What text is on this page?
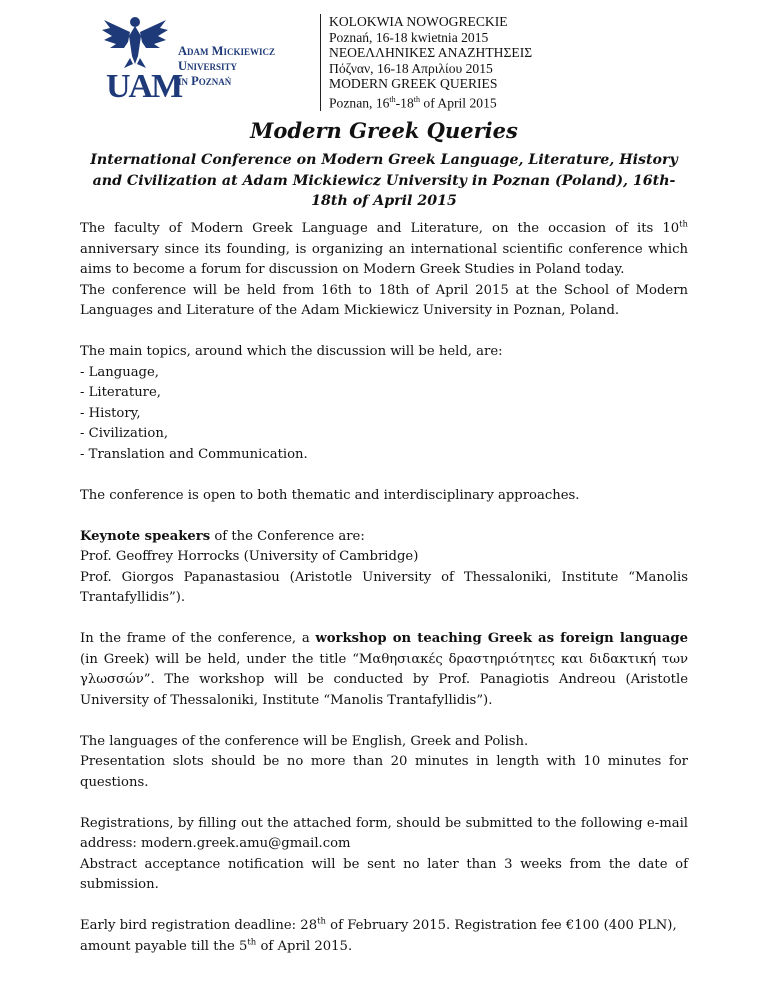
UAM
Adam Mickiewicz
University
in Poznań
KOLOKWIA NOWOGRECKIE
Poznań, 16-18 kwietnia 2015
ΝΕΟΕΛΛΗΝΙΚΕΣ ΑΝΑΖΗΤΗΣΕΙΣ
Πόζναν, 16-18 Απριλίου 2015
MODERN GREEK QUERIES
Poznan, 16th-18th of April 2015
Modern Greek Queries
International Conference on Modern Greek Language, Literature, History and Civilization at Adam Mickiewicz University in Poznan (Poland), 16th-18th of April 2015

The faculty of Modern Greek Language and Literature, on the occasion of its 10th anniversary since its founding, is organizing an international scientific conference which aims to become a forum for discussion on Modern Greek Studies in Poland today.

The conference will be held from 16th to 18th of April 2015 at the School of Modern Languages and Literature of the Adam Mickiewicz University in Poznan, Poland.

The main topics, around which the discussion will be held, are:

- Language,

- Literature,

- History,

- Civilization,

- Translation and Communication.

The conference is open to both thematic and interdisciplinary approaches.

Keynote speakers of the Conference are:

Prof. Geoffrey Horrocks (University of Cambridge)

Prof. Giorgos Papanastasiou (Aristotle University of Thessaloniki, Institute “Manolis Trantafyllidis”).

In the frame of the conference, a workshop on teaching Greek as foreign language (in Greek) will be held, under the title “Μαθησιακές δραστηριότητες και διδακτική των γλωσσών”. The workshop will be conducted by Prof. Panagiotis Andreou (Aristotle University of Thessaloniki, Institute “Manolis Trantafyllidis”).

The languages of the conference will be English, Greek and Polish.

Presentation slots should be no more than 20 minutes in length with 10 minutes for questions.

Registrations, by filling out the attached form, should be submitted to the following e-mail address: modern.greek.amu@gmail.com

Abstract acceptance notification will be sent no later than 3 weeks from the date of submission.

Early bird registration deadline: 28th of February 2015. Registration fee €100 (400 PLN), amount payable till the 5th of April 2015.
